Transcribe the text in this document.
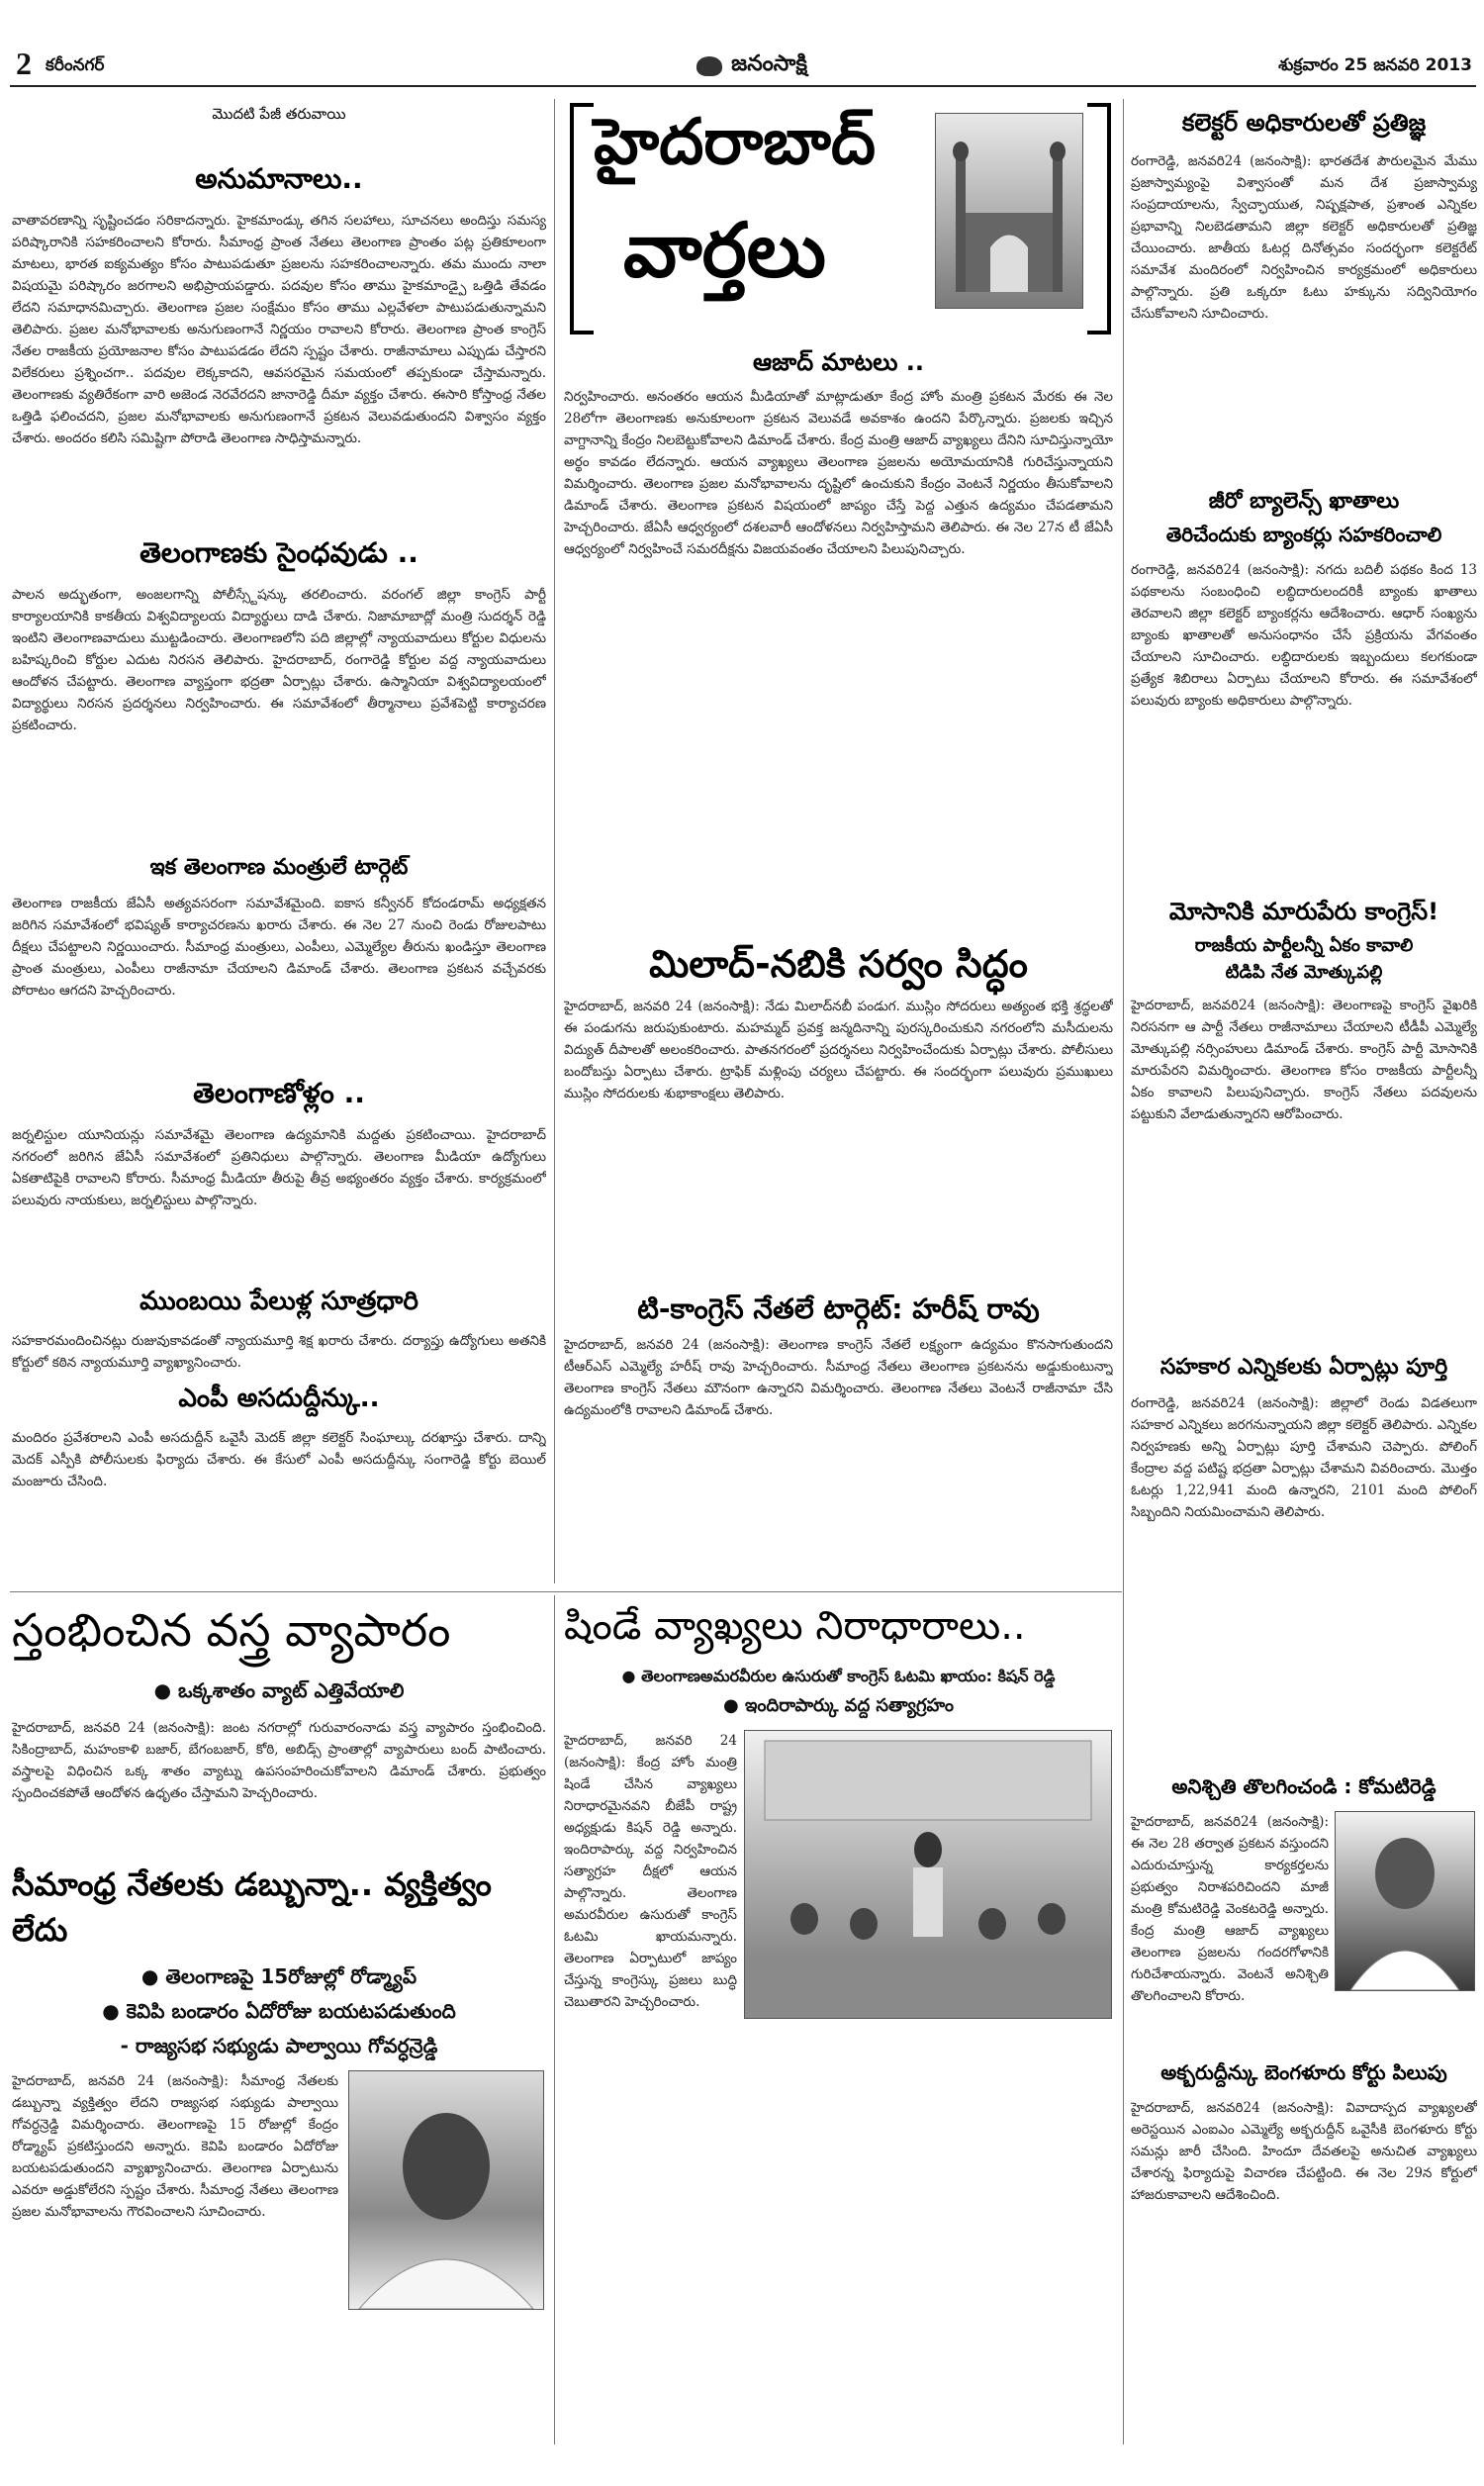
2 కరీంనగర్	జనంసాక్షి	శుక్రవారం 25 జనవరి 2013
మొదటి పేజీ తరువాయి
అనుమానాలు..
వాతావరణాన్ని సృష్టించడం సరికాదన్నారు. హైకమాండ్కు తగిన సలహాలు, సూచనలు అందిస్తు సమస్య పరిష్కారానికి సహకరించాలని కోరారు. సీమాంధ్ర ప్రాంత నేతలు తెలంగాణ ప్రాంతం పట్ల ప్రతికూలంగా మాటలు, భారత ఐక్యమత్యం కోసం పాటుపడుతూ ప్రజలను సహకరించాలన్నారు. తమ ముందు నాలా విషయమై పరిష్కారం జరగాలని అభిప్రాయపడ్డారు. పదవుల కోసం తాము హైకమాండ్పై ఒత్తిడి తేవడం లేదని సమాధానమిచ్చారు. తెలంగాణ ప్రజల సంక్షేమం కోసం తాము ఎల్లవేళలా పాటుపడుతున్నామని తెలిపారు. ప్రజల మనోభావాలకు అనుగుణంగానే నిర్ణయం రావాలని కోరారు. తెలంగాణ ప్రాంత కాంగ్రెస్ నేతల రాజకీయ ప్రయోజనాల కోసం పాటుపడడం లేదని స్పష్టం చేశారు. రాజీనామాలు ఎప్పుడు చేస్తారని విలేకరులు ప్రశ్నించగా.. పదవుల లెక్కకాదని, ఆవసరమైన సమయంలో తప్పకుండా చేస్తామన్నారు. తెలంగాణకు వ్యతిరేకంగా వారి అజెండ నెరవేరదని జానారెడ్డి దీమా వ్యక్తం చేశారు. ఈసారి కోస్తాంధ్ర నేతల ఒత్తిడి ఫలించదని, ప్రజల మనోభావాలకు అనుగుణంగానే ప్రకటన వెలువడుతుందని విశ్వాసం వ్యక్తం చేశారు. అందరం కలిసి సమిష్టిగా పోరాడి తెలంగాణ సాధిస్తామన్నారు.
తెలంగాణకు సైంధవుడు ..
పాలన అద్భుతంగా, అంజలగాన్ని పోలీస్స్టేషన్కు తరలించారు. వరంగల్ జిల్లా కాంగ్రెస్ పార్టీ కార్యాలయానికి కాకతీయ విశ్వవిద్యాలయ విద్యార్థులు దాడి చేశారు. నిజామాబాద్లో మంత్రి సుదర్శన్ రెడ్డి ఇంటిని తెలంగాణవాదులు ముట్టడించారు. తెలంగాణలోని పది జిల్లాల్లో న్యాయవాదులు కోర్టుల విధులను బహిష్కరించి కోర్టుల ఎదుట నిరసన తెలిపారు. హైదరాబాద్, రంగారెడ్డి కోర్టుల వద్ద న్యాయవాదులు ఆందోళన చేపట్టారు. తెలంగాణ వ్యాప్తంగా భద్రతా ఏర్పాట్లు చేశారు. ఉస్మానియా విశ్వవిద్యాలయంలో విద్యార్థులు నిరసన ప్రదర్శనలు నిర్వహించారు. ఈ సమావేశంలో తీర్మానాలు ప్రవేశపెట్టి కార్యాచరణ ప్రకటించారు.
ఇక తెలంగాణ మంత్రులే టార్గెట్
తెలంగాణ రాజకీయ జేఏసీ అత్యవసరంగా సమావేశమైంది. ఐకాస కన్వీనర్ కోదండరామ్ అధ్యక్షతన జరిగిన సమావేశంలో భవిష్యత్ కార్యాచరణను ఖరారు చేశారు. ఈ నెల 27 నుంచి రెండు రోజులపాటు దీక్షలు చేపట్టాలని నిర్ణయించారు. సీమాంధ్ర మంత్రులు, ఎంపీలు, ఎమ్మెల్యేల తీరును ఖండిస్తూ తెలంగాణ ప్రాంత మంత్రులు, ఎంపీలు రాజీనామా చేయాలని డిమాండ్ చేశారు. తెలంగాణ ప్రకటన వచ్చేవరకు పోరాటం ఆగదని హెచ్చరించారు.
తెలంగాణోళ్లం ..
జర్నలిస్టుల యూనియన్లు సమావేశమై తెలంగాణ ఉద్యమానికి మద్దతు ప్రకటించాయి. హైదరాబాద్ నగరంలో జరిగిన జేఏసీ సమావేశంలో ప్రతినిధులు పాల్గొన్నారు. తెలంగాణ మీడియా ఉద్యోగులు ఏకతాటిపైకి రావాలని కోరారు. సీమాంధ్ర మీడియా తీరుపై తీవ్ర అభ్యంతరం వ్యక్తం చేశారు. కార్యక్రమంలో పలువురు నాయకులు, జర్నలిస్టులు పాల్గొన్నారు.
ముంబయి పేలుళ్ల సూత్రధారి
సహకారమందించినట్లు రుజువుకావడంతో న్యాయమూర్తి శిక్ష ఖరారు చేశారు. దర్యాప్తు ఉద్యోగులు అతనికి కోర్టులో కఠిన న్యాయమూర్తి వ్యాఖ్యానించారు.
ఎంపీ అసదుద్దీన్కు..
మందిరం ప్రవేశరాలని ఎంపీ అసదుద్దీన్ ఒవైసీ మెదక్ జిల్లా కలెక్టర్ సింఘాల్కు దరఖాస్తు చేశారు. దాన్ని మెదక్ ఎస్పీకి పోలీసులకు ఫిర్యాదు చేశారు. ఈ కేసులో ఎంపీ అసదుద్దీన్కు సంగారెడ్డి కోర్టు బెయిల్ మంజూరు చేసింది.
హైదరాబాద్
వార్తలు
ఆజాద్ మాటలు ..
నిర్వహించారు. అనంతరం ఆయన మీడియాతో మాట్లాడుతూ కేంద్ర హోం మంత్రి ప్రకటన మేరకు ఈ నెల 28లోగా తెలంగాణకు అనుకూలంగా ప్రకటన వెలువడే అవకాశం ఉందని పేర్కొన్నారు. ప్రజలకు ఇచ్చిన వాగ్దానాన్ని కేంద్రం నిలబెట్టుకోవాలని డిమాండ్ చేశారు. కేంద్ర మంత్రి ఆజాద్ వ్యాఖ్యలు దేనిని సూచిస్తున్నాయో అర్థం కావడం లేదన్నారు. ఆయన వ్యాఖ్యలు తెలంగాణ ప్రజలను అయోమయానికి గురిచేస్తున్నాయని విమర్శించారు. తెలంగాణ ప్రజల మనోభావాలను దృష్టిలో ఉంచుకుని కేంద్రం వెంటనే నిర్ణయం తీసుకోవాలని డిమాండ్ చేశారు. తెలంగాణ ప్రకటన విషయంలో జాప్యం చేస్తే పెద్ద ఎత్తున ఉద్యమం చేపడతామని హెచ్చరించారు. జేఏసీ ఆధ్వర్యంలో దశలవారీ ఆందోళనలు నిర్వహిస్తామని తెలిపారు. ఈ నెల 27న టీ జేఏసీ ఆధ్వర్యంలో నిర్వహించే సమరదీక్షను విజయవంతం చేయాలని పిలుపునిచ్చారు.
మిలాద్-నబికి సర్వం సిద్ధం
హైదరాబాద్, జనవరి 24 (జనంసాక్షి): నేడు మిలాద్‌నబీ పండుగ. ముస్లిం సోదరులు అత్యంత భక్తి శ్రద్ధలతో ఈ పండుగను జరుపుకుంటారు. మహమ్మద్ ప్రవక్త జన్మదినాన్ని పురస్కరించుకుని నగరంలోని మసీదులను విద్యుత్ దీపాలతో అలంకరించారు. పాతనగరంలో ప్రదర్శనలు నిర్వహించేందుకు ఏర్పాట్లు చేశారు. పోలీసులు బందోబస్తు ఏర్పాటు చేశారు. ట్రాఫిక్ మళ్లింపు చర్యలు చేపట్టారు. ఈ సందర్భంగా పలువురు ప్రముఖులు ముస్లిం సోదరులకు శుభాకాంక్షలు తెలిపారు.
టి-కాంగ్రెస్ నేతలే టార్గెట్: హరీష్ రావు
హైదరాబాద్, జనవరి 24 (జనంసాక్షి): తెలంగాణ కాంగ్రెస్ నేతలే లక్ష్యంగా ఉద్యమం కొనసాగుతుందని టీఆర్ఎస్ ఎమ్మెల్యే హరీష్ రావు హెచ్చరించారు. సీమాంధ్ర నేతలు తెలంగాణ ప్రకటనను అడ్డుకుంటున్నా తెలంగాణ కాంగ్రెస్ నేతలు మౌనంగా ఉన్నారని విమర్శించారు. తెలంగాణ నేతలు వెంటనే రాజీనామా చేసి ఉద్యమంలోకి రావాలని డిమాండ్ చేశారు.
కలెక్టర్ అధికారులతో ప్రతిజ్ఞ
రంగారెడ్డి, జనవరి24 (జనంసాక్షి): భారతదేశ పౌరులమైన మేము ప్రజాస్వామ్యంపై విశ్వాసంతో మన దేశ ప్రజాస్వామ్య సంప్రదాయాలను, స్వేచ్ఛాయుత, నిష్పక్షపాత, ప్రశాంత ఎన్నికల ప్రభావాన్ని నిలబెడతామని జిల్లా కలెక్టర్ అధికారులతో ప్రతిజ్ఞ చేయించారు. జాతీయ ఓటర్ల దినోత్సవం సందర్భంగా కలెక్టరేట్ సమావేశ మందిరంలో నిర్వహించిన కార్యక్రమంలో అధికారులు పాల్గొన్నారు. ప్రతి ఒక్కరూ ఓటు హక్కును సద్వినియోగం చేసుకోవాలని సూచించారు.
జీరో బ్యాలెన్స్ ఖాతాలు
తెరిచేందుకు బ్యాంకర్లు సహకరించాలి
రంగారెడ్డి, జనవరి24 (జనంసాక్షి): నగదు బదిలీ పథకం కింద 13 పథకాలను సంబంధించి లబ్ధిదారులందరికీ బ్యాంకు ఖాతాలు తెరవాలని జిల్లా కలెక్టర్ బ్యాంకర్లను ఆదేశించారు. ఆధార్ సంఖ్యను బ్యాంకు ఖాతాలతో అనుసంధానం చేసే ప్రక్రియను వేగవంతం చేయాలని సూచించారు. లబ్ధిదారులకు ఇబ్బందులు కలగకుండా ప్రత్యేక శిబిరాలు ఏర్పాటు చేయాలని కోరారు. ఈ సమావేశంలో పలువురు బ్యాంకు అధికారులు పాల్గొన్నారు.
మోసానికి మారుపేరు కాంగ్రెస్!
రాజకీయ పార్టీలన్నీ ఏకం కావాలి
టిడిపి నేత మోత్కుపల్లి
హైదరాబాద్, జనవరి24 (జనంసాక్షి): తెలంగాణపై కాంగ్రెస్ వైఖరికి నిరసనగా ఆ పార్టీ నేతలు రాజీనామాలు చేయాలని టీడీపీ ఎమ్మెల్యే మోత్కుపల్లి నర్సింహులు డిమాండ్ చేశారు. కాంగ్రెస్ పార్టీ మోసానికి మారుపేరని విమర్శించారు. తెలంగాణ కోసం రాజకీయ పార్టీలన్నీ ఏకం కావాలని పిలుపునిచ్చారు. కాంగ్రెస్ నేతలు పదవులను పట్టుకుని వేలాడుతున్నారని ఆరోపించారు.
సహకార ఎన్నికలకు ఏర్పాట్లు పూర్తి
రంగారెడ్డి, జనవరి24 (జనంసాక్షి): జిల్లాలో రెండు విడతలుగా సహకార ఎన్నికలు జరగనున్నాయని జిల్లా కలెక్టర్ తెలిపారు. ఎన్నికల నిర్వహణకు అన్ని ఏర్పాట్లు పూర్తి చేశామని చెప్పారు. పోలింగ్ కేంద్రాల వద్ద పటిష్ట భద్రతా ఏర్పాట్లు చేశామని వివరించారు. మొత్తం ఓటర్లు 1,22,941 మంది ఉన్నారని, 2101 మంది పోలింగ్ సిబ్బందిని నియమించామని తెలిపారు.
అనిశ్చితి తొలగించండి : కోమటిరెడ్డి
హైదరాబాద్, జనవరి24 (జనంసాక్షి): ఈ నెల 28 తర్వాత ప్రకటన వస్తుందని ఎదురుచూస్తున్న కార్యకర్తలను ప్రభుత్వం నిరాశపరిచిందని మాజీ మంత్రి కోమటిరెడ్డి వెంకటరెడ్డి అన్నారు. కేంద్ర మంత్రి ఆజాద్ వ్యాఖ్యలు తెలంగాణ ప్రజలను గందరగోళానికి గురిచేశాయన్నారు. వెంటనే అనిశ్చితి తొలగించాలని కోరారు.
అక్బరుద్దీన్కు బెంగళూరు కోర్టు పిలుపు
హైదరాబాద్, జనవరి24 (జనంసాక్షి): వివాదాస్పద వ్యాఖ్యలతో అరెస్టయిన ఎంఐఎం ఎమ్మెల్యే అక్బరుద్దీన్ ఒవైసీకి బెంగళూరు కోర్టు సమన్లు జారీ చేసింది. హిందూ దేవతలపై అనుచిత వ్యాఖ్యలు చేశారన్న ఫిర్యాదుపై విచారణ చేపట్టింది. ఈ నెల 29న కోర్టులో హాజరుకావాలని ఆదేశించింది.
స్తంభించిన వస్త్ర వ్యాపారం
● ఒక్కశాతం వ్యాట్ ఎత్తివేయాలి
హైదరాబాద్, జనవరి 24 (జనంసాక్షి): జంట నగరాల్లో గురువారంనాడు వస్త్ర వ్యాపారం స్తంభించింది. సికింద్రాబాద్, మహంకాళి బజార్, బేగంబజార్, కోఠి, అబిడ్స్ ప్రాంతాల్లో వ్యాపారులు బంద్ పాటించారు. వస్త్రాలపై విధించిన ఒక్క శాతం వ్యాట్ను ఉపసంహరించుకోవాలని డిమాండ్ చేశారు. ప్రభుత్వం స్పందించకపోతే ఆందోళన ఉధృతం చేస్తామని హెచ్చరించారు.
సీమాంధ్ర నేతలకు డబ్బున్నా.. వ్యక్తిత్వం లేదు
● తెలంగాణపై 15రోజుల్లో రోడ్మ్యాప్
● కెవిపి బండారం ఏదోరోజు బయటపడుతుంది
- రాజ్యసభ సభ్యుడు పాల్వాయి గోవర్ధన్రెడ్డి
హైదరాబాద్, జనవరి 24 (జనంసాక్షి): సీమాంధ్ర నేతలకు డబ్బున్నా వ్యక్తిత్వం లేదని రాజ్యసభ సభ్యుడు పాల్వాయి గోవర్ధన్రెడ్డి విమర్శించారు. తెలంగాణపై 15 రోజుల్లో కేంద్రం రోడ్మ్యాప్ ప్రకటిస్తుందని అన్నారు. కెవిపి బండారం ఏదోరోజు బయటపడుతుందని వ్యాఖ్యానించారు. తెలంగాణ ఏర్పాటును ఎవరూ అడ్డుకోలేరని స్పష్టం చేశారు. సీమాంధ్ర నేతలు తెలంగాణ ప్రజల మనోభావాలను గౌరవించాలని సూచించారు.
షిండే వ్యాఖ్యలు నిరాధారాలు..
● తెలంగాణఅమరవీరుల ఉసురుతో కాంగ్రెస్ ఓటమి ఖాయం: కిషన్ రెడ్డి
● ఇందిరాపార్కు వద్ద సత్యాగ్రహం
హైదరాబాద్, జనవరి 24 (జనంసాక్షి): కేంద్ర హోం మంత్రి షిండే చేసిన వ్యాఖ్యలు నిరాధారమైనవని బీజేపీ రాష్ట్ర అధ్యక్షుడు కిషన్ రెడ్డి అన్నారు. ఇందిరాపార్కు వద్ద నిర్వహించిన సత్యాగ్రహ దీక్షలో ఆయన పాల్గొన్నారు. తెలంగాణ అమరవీరుల ఉసురుతో కాంగ్రెస్ ఓటమి ఖాయమన్నారు. తెలంగాణ ఏర్పాటులో జాప్యం చేస్తున్న కాంగ్రెస్కు ప్రజలు బుద్ధి చెబుతారని హెచ్చరించారు.
